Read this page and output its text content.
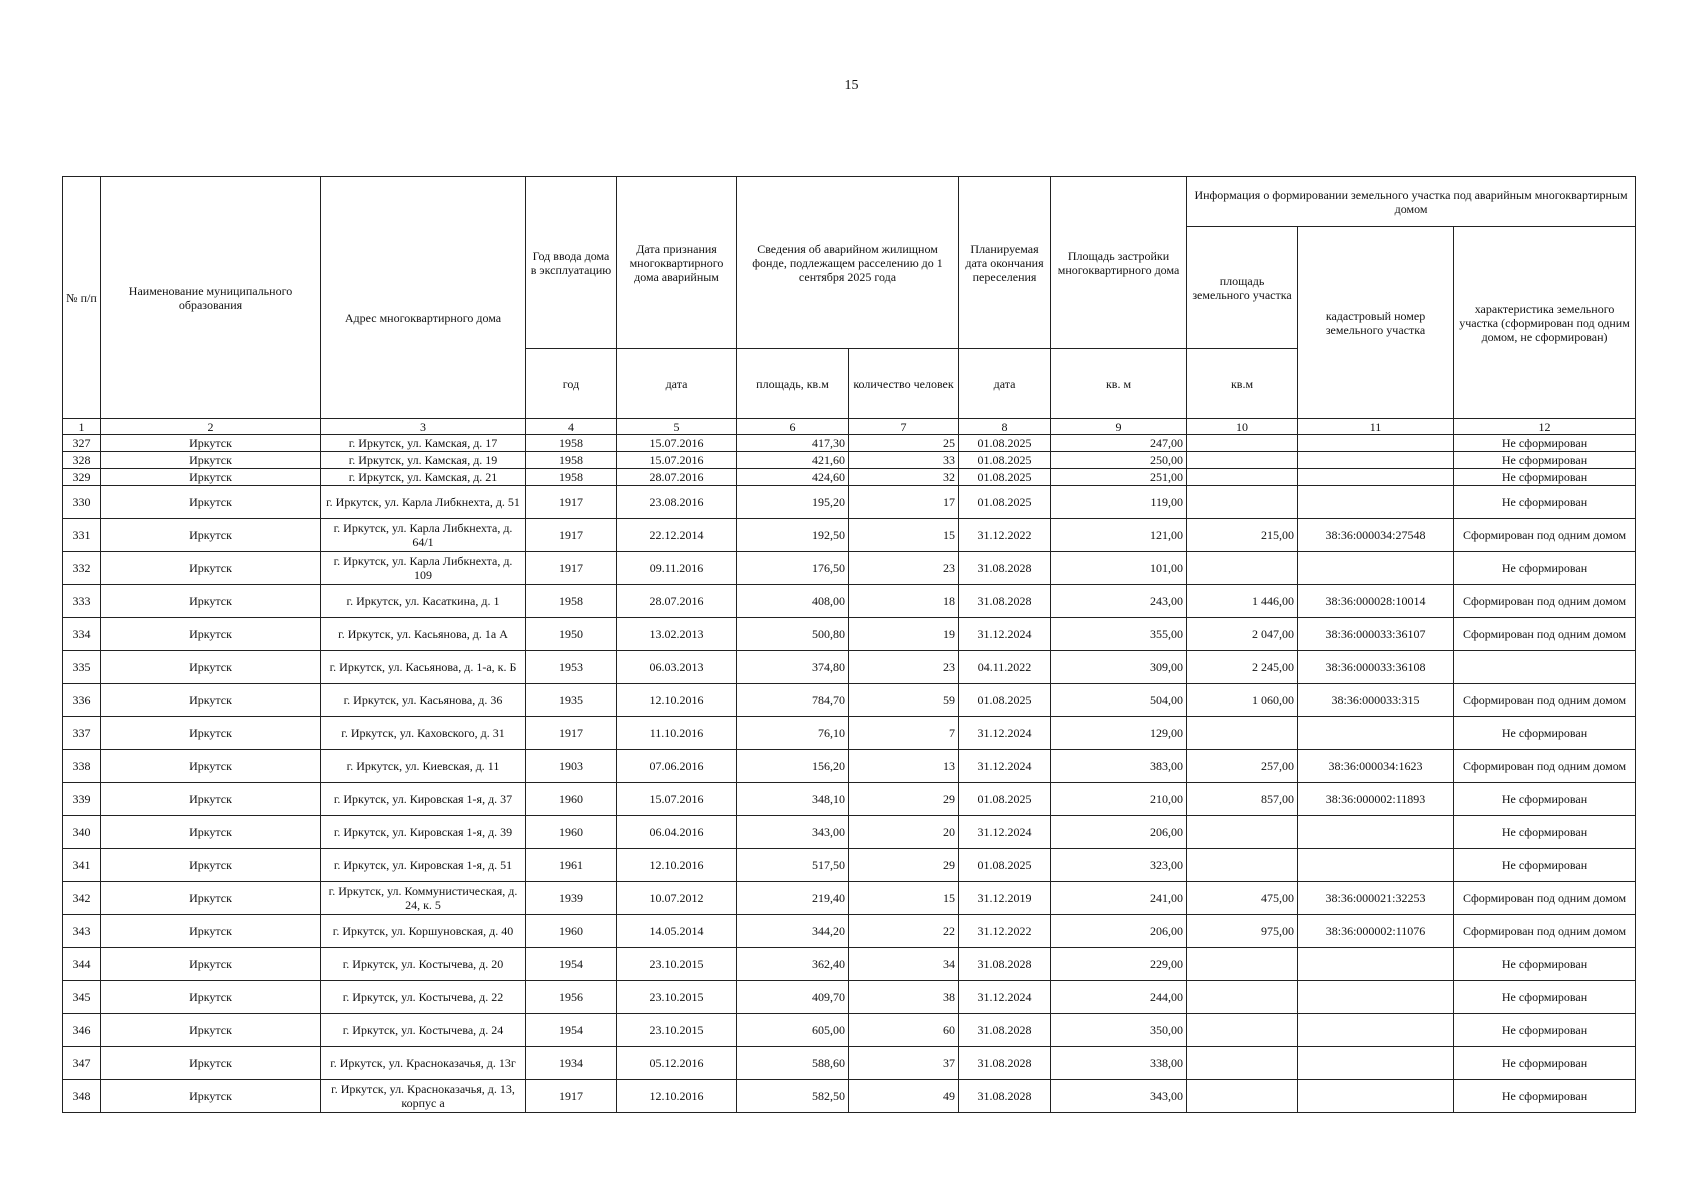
15
№ п/п	Наименование муниципального образования	Адрес многоквартирного дома	Год ввода дома в эксплуатацию	Дата признания многоквартирного дома аварийным	Сведения об аварийном жилищном фонде, подлежащем расселению до 1 сентября 2025 года		Планируемая дата окончания переселения	Площадь застройки многоквартирного дома	Информация о формировании земельного участка под аварийным многоквартирным домом		
									площадь земельного участка	кадастровый номер земельного участка	характеристика земельного участка (сформирован под одним домом, не сформирован)
			год	дата	площадь, кв.м	количество человек	дата	кв. м	кв.м		
1	2	3	4	5	6	7	8	9	10	11	12
327	Иркутск	г. Иркутск, ул. Камская, д. 17	1958	15.07.2016	417,30	25	01.08.2025	247,00			Не сформирован
328	Иркутск	г. Иркутск, ул. Камская, д. 19	1958	15.07.2016	421,60	33	01.08.2025	250,00			Не сформирован
329	Иркутск	г. Иркутск, ул. Камская, д. 21	1958	28.07.2016	424,60	32	01.08.2025	251,00			Не сформирован
330	Иркутск	г. Иркутск, ул. Карла Либкнехта, д. 51	1917	23.08.2016	195,20	17	01.08.2025	119,00			Не сформирован
331	Иркутск	г. Иркутск, ул. Карла Либкнехта, д. 64/1	1917	22.12.2014	192,50	15	31.12.2022	121,00	215,00	38:36:000034:27548	Сформирован под одним домом
332	Иркутск	г. Иркутск, ул. Карла Либкнехта, д. 109	1917	09.11.2016	176,50	23	31.08.2028	101,00			Не сформирован
333	Иркутск	г. Иркутск, ул. Касаткина, д. 1	1958	28.07.2016	408,00	18	31.08.2028	243,00	1 446,00	38:36:000028:10014	Сформирован под одним домом
334	Иркутск	г. Иркутск, ул. Касьянова, д. 1а А	1950	13.02.2013	500,80	19	31.12.2024	355,00	2 047,00	38:36:000033:36107	Сформирован под одним домом
335	Иркутск	г. Иркутск, ул. Касьянова, д. 1-а, к. Б	1953	06.03.2013	374,80	23	04.11.2022	309,00	2 245,00	38:36:000033:36108	
336	Иркутск	г. Иркутск, ул. Касьянова, д. 36	1935	12.10.2016	784,70	59	01.08.2025	504,00	1 060,00	38:36:000033:315	Сформирован под одним домом
337	Иркутск	г. Иркутск, ул. Каховского, д. 31	1917	11.10.2016	76,10	7	31.12.2024	129,00			Не сформирован
338	Иркутск	г. Иркутск, ул. Киевская, д. 11	1903	07.06.2016	156,20	13	31.12.2024	383,00	257,00	38:36:000034:1623	Сформирован под одним домом
339	Иркутск	г. Иркутск, ул. Кировская 1-я, д. 37	1960	15.07.2016	348,10	29	01.08.2025	210,00	857,00	38:36:000002:11893	Не сформирован
340	Иркутск	г. Иркутск, ул. Кировская 1-я, д. 39	1960	06.04.2016	343,00	20	31.12.2024	206,00			Не сформирован
341	Иркутск	г. Иркутск, ул. Кировская 1-я, д. 51	1961	12.10.2016	517,50	29	01.08.2025	323,00			Не сформирован
342	Иркутск	г. Иркутск, ул. Коммунистическая, д. 24, к. 5	1939	10.07.2012	219,40	15	31.12.2019	241,00	475,00	38:36:000021:32253	Сформирован под одним домом
343	Иркутск	г. Иркутск, ул. Коршуновская, д. 40	1960	14.05.2014	344,20	22	31.12.2022	206,00	975,00	38:36:000002:11076	Сформирован под одним домом
344	Иркутск	г. Иркутск, ул. Костычева, д. 20	1954	23.10.2015	362,40	34	31.08.2028	229,00			Не сформирован
345	Иркутск	г. Иркутск, ул. Костычева, д. 22	1956	23.10.2015	409,70	38	31.12.2024	244,00			Не сформирован
346	Иркутск	г. Иркутск, ул. Костычева, д. 24	1954	23.10.2015	605,00	60	31.08.2028	350,00			Не сформирован
347	Иркутск	г. Иркутск, ул. Красноказачья, д. 13г	1934	05.12.2016	588,60	37	31.08.2028	338,00			Не сформирован
348	Иркутск	г. Иркутск, ул. Красноказачья, д. 13, корпус а	1917	12.10.2016	582,50	49	31.08.2028	343,00			Не сформирован
